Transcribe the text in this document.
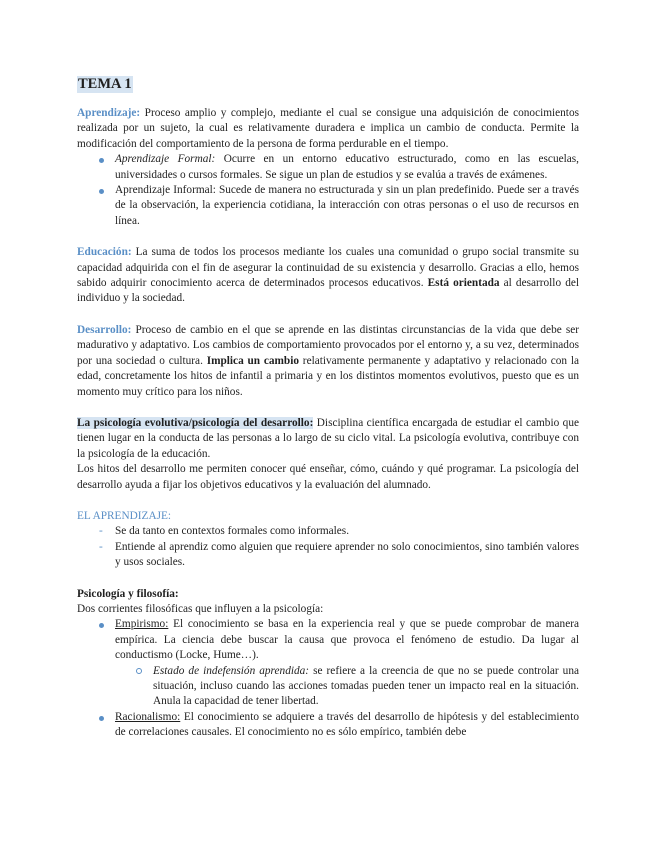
TEMA 1

Aprendizaje: Proceso amplio y complejo, mediante el cual se consigue una adquisición de conocimientos realizada por un sujeto, la cual es relativamente duradera e implica un cambio de conducta. Permite la modificación del comportamiento de la persona de forma perdurable en el tiempo.

Aprendizaje Formal: Ocurre en un entorno educativo estructurado, como en las escuelas, universidades o cursos formales. Se sigue un plan de estudios y se evalúa a través de exámenes.
Aprendizaje Informal: Sucede de manera no estructurada y sin un plan predefinido. Puede ser a través de la observación, la experiencia cotidiana, la interacción con otras personas o el uso de recursos en línea.

Educación: La suma de todos los procesos mediante los cuales una comunidad o grupo social transmite su capacidad adquirida con el fin de asegurar la continuidad de su existencia y desarrollo. Gracias a ello, hemos sabido adquirir conocimiento acerca de determinados procesos educativos. Está orientada al desarrollo del individuo y la sociedad.

Desarrollo: Proceso de cambio en el que se aprende en las distintas circunstancias de la vida que debe ser madurativo y adaptativo. Los cambios de comportamiento provocados por el entorno y, a su vez, determinados por una sociedad o cultura. Implica un cambio relativamente permanente y adaptativo y relacionado con la edad, concretamente los hitos de infantil a primaria y en los distintos momentos evolutivos, puesto que es un momento muy crítico para los niños.

La psicología evolutiva/psicología del desarrollo: Disciplina científica encargada de estudiar el cambio que tienen lugar en la conducta de las personas a lo largo de su ciclo vital. La psicología evolutiva, contribuye con la psicología de la educación.

Los hitos del desarrollo me permiten conocer qué enseñar, cómo, cuándo y qué programar. La psicología del desarrollo ayuda a fijar los objetivos educativos y la evaluación del alumnado.

EL APRENDIZAJE:

- Se da tanto en contextos formales como informales.
- Entiende al aprendiz como alguien que requiere aprender no solo conocimientos, sino también valores y usos sociales.

Psicología y filosofía:

Dos corrientes filosóficas que influyen a la psicología:

Empirismo: El conocimiento se basa en la experiencia real y que se puede comprobar de manera empírica. La ciencia debe buscar la causa que provoca el fenómeno de estudio. Da lugar al conductismo (Locke, Hume…).
Estado de indefensión aprendida: se refiere a la creencia de que no se puede controlar una situación, incluso cuando las acciones tomadas pueden tener un impacto real en la situación. Anula la capacidad de tener libertad.
Racionalismo: El conocimiento se adquiere a través del desarrollo de hipótesis y del establecimiento de correlaciones causales. El conocimiento no es sólo empírico, también debe
